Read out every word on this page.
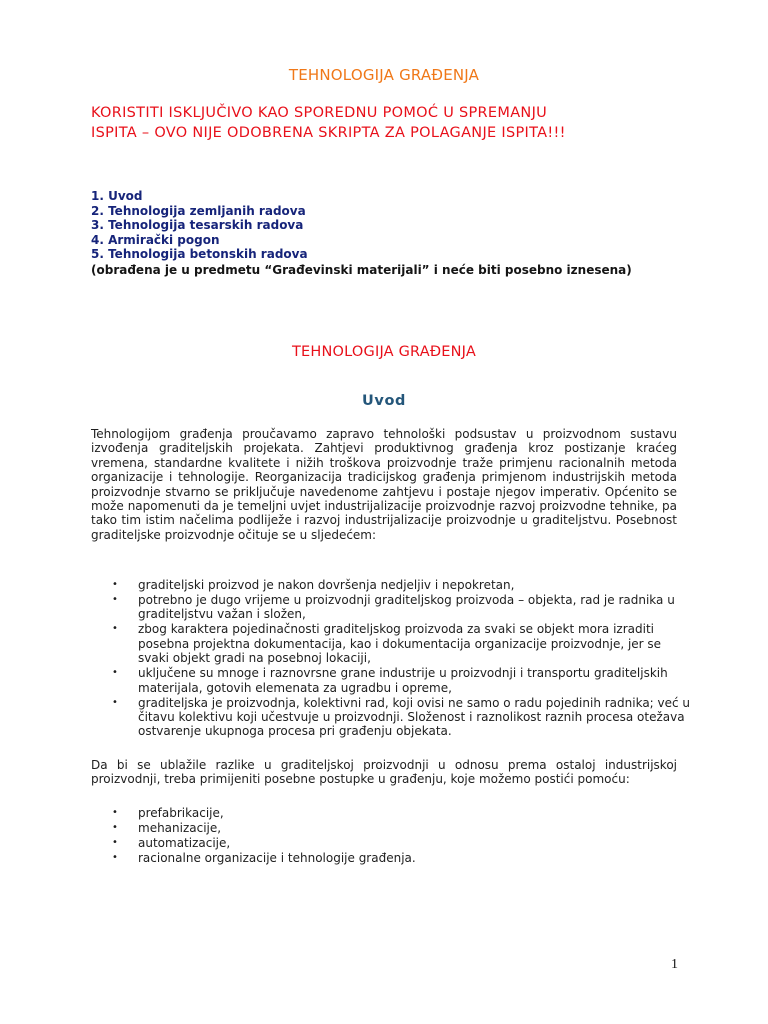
TEHNOLOGIJA GRAĐENJA
KORISTITI ISKLJUČIVO KAO SPOREDNU POMOĆ U SPREMANJU
ISPITA – OVO NIJE ODOBRENA SKRIPTA ZA POLAGANJE ISPITA!!!
1. Uvod
2. Tehnologija zemljanih radova
3. Tehnologija tesarskih radova
4. Armirački pogon
5. Tehnologija betonskih radova
(obrađena je u predmetu “Građevinski materijali” i neće biti posebno iznesena)
TEHNOLOGIJA GRAĐENJA
Uvod

Tehnologijom građenja proučavamo zapravo tehnološki podsustav u proizvodnom sustavu izvođenja graditeljskih projekata. Zahtjevi produktivnog građenja kroz postizanje kraćeg vremena, standardne kvalitete i nižih troškova proizvodnje traže primjenu racionalnih metoda organizacije i tehnologije. Reorganizacija tradicijskog građenja primjenom industrijskih metoda proizvodnje stvarno se priključuje navedenome zahtjevu i postaje njegov imperativ. Općenito se može napomenuti da je temeljni uvjet industrijalizacije proizvodnje razvoj proizvodne tehnike, pa tako tim istim načelima podliježe i razvoj industrijalizacije proizvodnje u graditeljstvu. Posebnost graditeljske proizvodnje očituje se u sljedećem:

• graditeljski proizvod je nakon dovršenja nedjeljiv i nepokretan,
• potrebno je dugo vrijeme u proizvodnji graditeljskog proizvoda – objekta, rad je radnika u graditeljstvu važan i složen,
• zbog karaktera pojedinačnosti graditeljskog proizvoda za svaki se objekt mora izraditi posebna projektna dokumentacija, kao i dokumentacija organizacije proizvodnje, jer se svaki objekt gradi na posebnoj lokaciji,
• uključene su mnoge i raznovrsne grane industrije u proizvodnji i transportu graditeljskih materijala, gotovih elemenata za ugradbu i opreme,
• graditeljska je proizvodnja, kolektivni rad, koji ovisi ne samo o radu pojedinih radnika; već u čitavu kolektivu koji učestvuje u proizvodnji. Složenost i raznolikost raznih procesa otežava ostvarenje ukupnoga procesa pri građenju objekata.

Da bi se ublažile razlike u graditeljskoj proizvodnji u odnosu prema ostaloj industrijskoj proizvodnji, treba primijeniti posebne postupke u građenju, koje možemo postići pomoću:

• prefabrikacije,
• mehanizacije,
• automatizacije,
• racionalne organizacije i tehnologije građenja.
1
